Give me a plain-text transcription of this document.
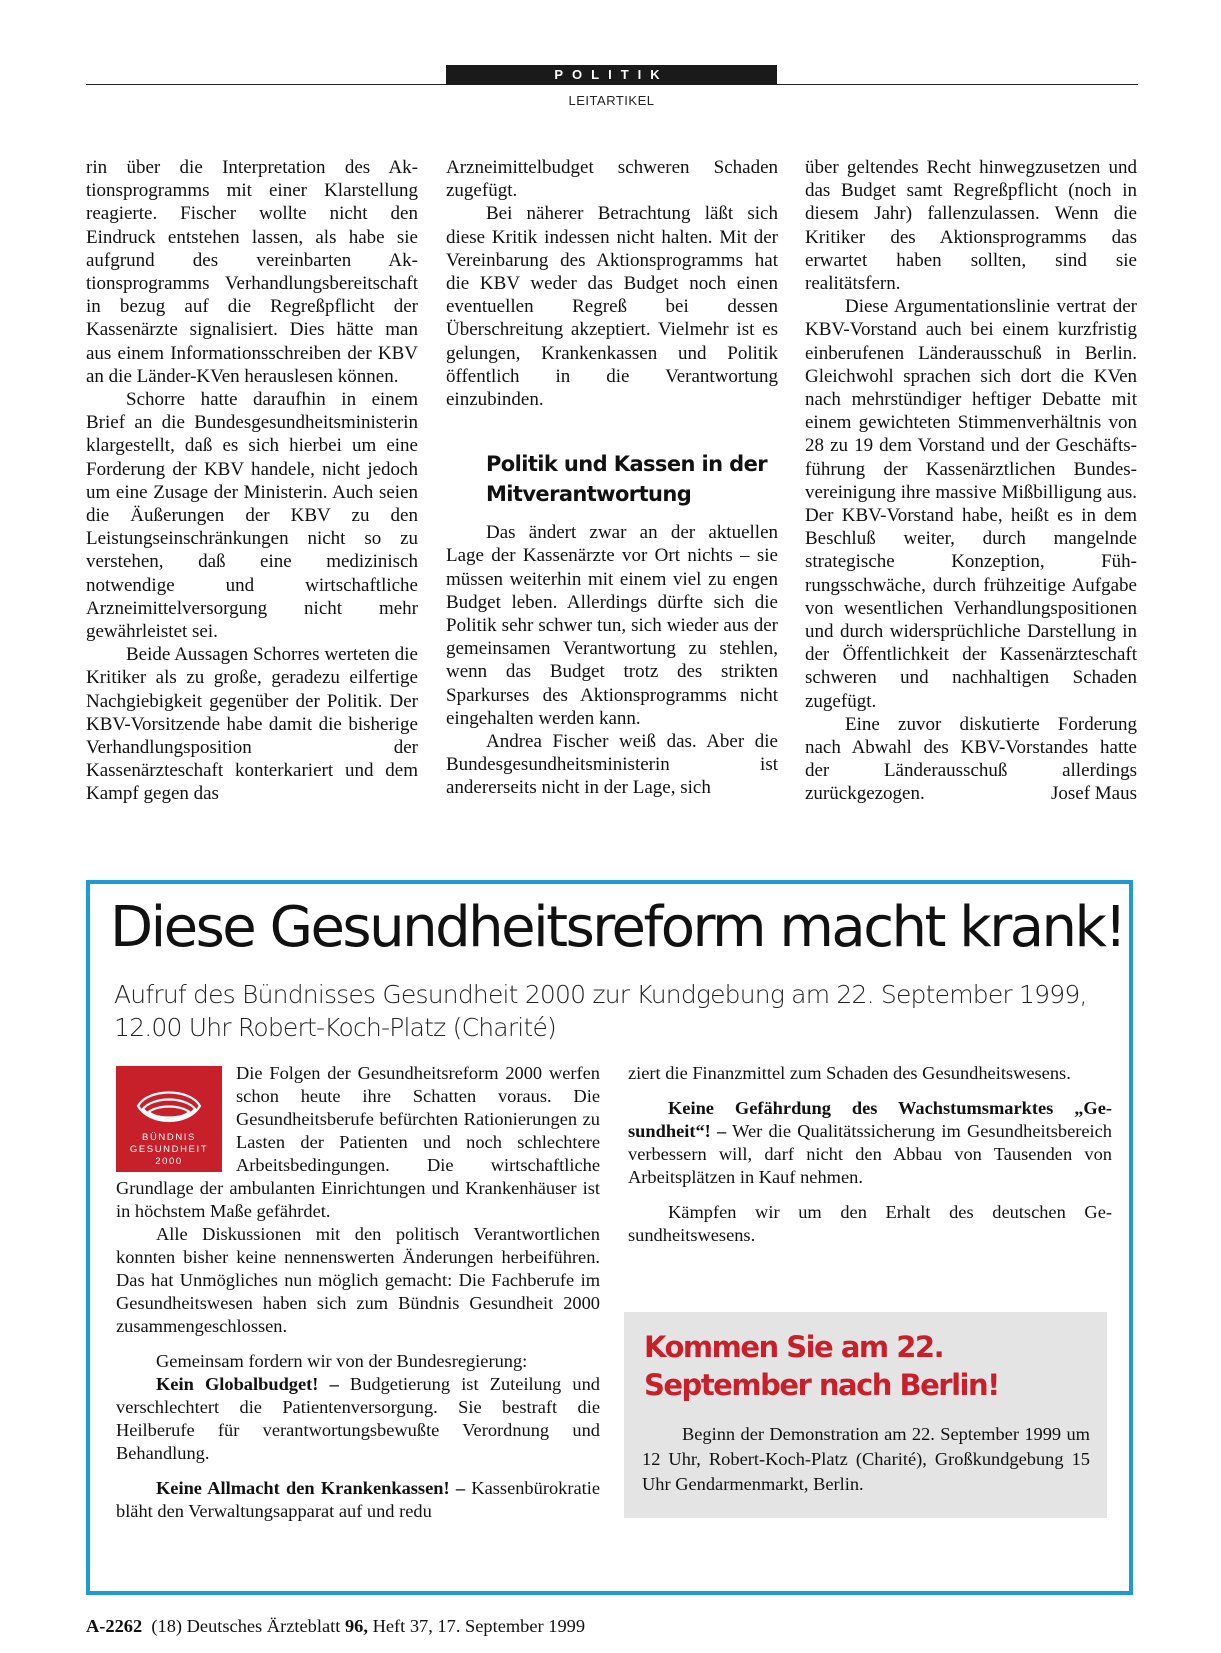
POLITIK
LEITARTIKEL

rin über die Interpretation des Aktionsprogramms mit einer Klarstellung reagierte. Fischer wollte nicht den Eindruck entstehen lassen, als habe sie aufgrund des vereinbarten Aktionsprogramms Verhandlungsbereitschaft in bezug auf die Regreßpflicht der Kassenärzte signalisiert. Dies hätte man aus einem Informationsschreiben der KBV an die Länder-KVen herauslesen können.

Schorre hatte daraufhin in einem Brief an die Bundesgesundheitsministerin klargestellt, daß es sich hierbei um eine Forderung der KBV handele, nicht jedoch um eine Zusage der Ministerin. Auch seien die Äußerungen der KBV zu den Leistungseinschränkungen nicht so zu verstehen, daß eine medizinisch notwendige und wirtschaftliche Arzneimittelversorgung nicht mehr gewährleistet sei.

Beide Aussagen Schorres werteten die Kritiker als zu große, geradezu eilfertige Nachgiebigkeit gegenüber der Politik. Der KBV-Vorsitzende habe damit die bisherige Verhandlungsposition der Kassenärzteschaft konterkariert und dem Kampf gegen das

Arzneimittelbudget schweren Schaden zugefügt.

Bei näherer Betrachtung läßt sich diese Kritik indessen nicht halten. Mit der Vereinbarung des Aktionsprogramms hat die KBV weder das Budget noch einen eventuellen Regreß bei dessen Überschreitung akzeptiert. Vielmehr ist es gelungen, Krankenkassen und Politik öffentlich in die Verantwortung einzubinden.

Politik und Kassen in der Mitverantwortung

Das ändert zwar an der aktuellen Lage der Kassenärzte vor Ort nichts – sie müssen weiterhin mit einem viel zu engen Budget leben. Allerdings dürfte sich die Politik sehr schwer tun, sich wieder aus der gemeinsamen Verantwortung zu stehlen, wenn das Budget trotz des strikten Sparkurses des Aktionsprogramms nicht eingehalten werden kann.

Andrea Fischer weiß das. Aber die Bundesgesundheitsministerin ist andererseits nicht in der Lage, sich

über geltendes Recht hinwegzusetzen und das Budget samt Regreßpflicht (noch in diesem Jahr) fallenzulassen. Wenn die Kritiker des Aktionsprogramms das erwartet haben sollten, sind sie realitätsfern.

Diese Argumentationslinie vertrat der KBV-Vorstand auch bei einem kurzfristig einberufenen Länderausschuß in Berlin. Gleichwohl sprachen sich dort die KVen nach mehrstündiger heftiger Debatte mit einem gewichteten Stimmenverhältnis von 28 zu 19 dem Vorstand und der Geschäftsführung der Kassenärztlichen Bundesvereinigung ihre massive Mißbilligung aus. Der KBV-Vorstand habe, heißt es in dem Beschluß weiter, durch mangelnde strategische Konzeption, Führungsschwäche, durch frühzeitige Aufgabe von wesentlichen Verhandlungspositionen und durch widersprüchliche Darstellung in der Öffentlichkeit der Kassenärzteschaft schweren und nachhaltigen Schaden zugefügt.

Eine zuvor diskutierte Forderung nach Abwahl des KBV-Vorstandes hatte der Länderausschuß allerdings zurückgezogen.	Josef Maus

Diese Gesundheitsreform macht krank!
Aufruf des Bündnisses Gesundheit 2000 zur Kundgebung am 22. September 1999, 12.00 Uhr Robert-Koch-Platz (Charité)
BÜNDNIS
GESUNDHEIT
2000

Die Folgen der Gesundheitsreform 2000 werfen schon heute ihre Schatten voraus. Die Gesundheitsberufe befürchten Rationierungen zu Lasten der Patienten und noch schlechtere Arbeitsbedingungen. Die wirtschaftliche Grundlage der ambulanten Einrichtungen und Krankenhäuser ist in höchstem Maße gefährdet.

Alle Diskussionen mit den politisch Verantwortlichen konnten bisher keine nennenswerten Änderungen herbeiführen. Das hat Unmögliches nun möglich gemacht: Die Fachberufe im Gesundheitswesen haben sich zum Bündnis Gesundheit 2000 zusammengeschlossen.

Gemeinsam fordern wir von der Bundesregierung:

Kein Globalbudget! – Budgetierung ist Zuteilung und verschlechtert die Patientenversorgung. Sie bestraft die Heilberufe für verantwortungsbewußte Verordnung und Behandlung.

Keine Allmacht den Krankenkassen! – Kassenbürokratie bläht den Verwaltungsapparat auf und redu

ziert die Finanzmittel zum Schaden des Gesundheitswesens.

Keine Gefährdung des Wachstumsmarktes „Gesundheit“! – Wer die Qualitätssicherung im Gesundheitsbereich verbessern will, darf nicht den Abbau von Tausenden von Arbeitsplätzen in Kauf nehmen.

Kämpfen wir um den Erhalt des deutschen Gesundheitswesens.

Kommen Sie am 22. September nach Berlin!
Beginn der Demonstration am 22. September 1999 um 12 Uhr, Robert-Koch-Platz (Charité), Großkundgebung 15 Uhr Gendarmenmarkt, Berlin.
A-2262 (18) Deutsches Ärzteblatt 96, Heft 37, 17. September 1999
